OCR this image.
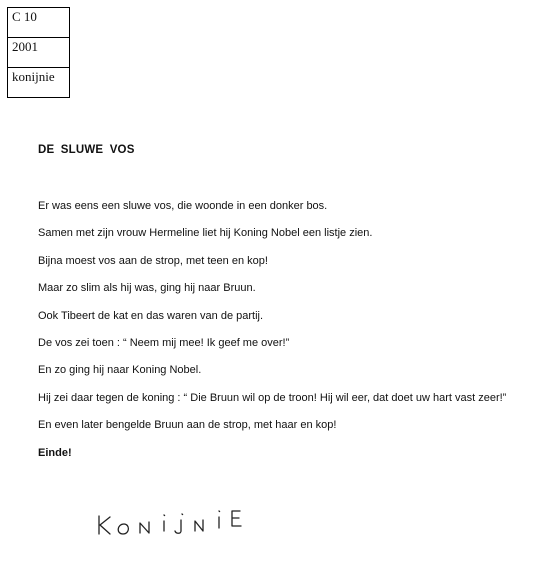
C 10
2001
konijnie
DE SLUWE VOS
Er was eens een sluwe vos, die woonde in een donker bos.
Samen met zijn vrouw Hermeline liet hij Koning Nobel een listje zien.
Bijna moest vos aan de strop, met teen en kop!
Maar zo slim als hij was, ging hij naar Bruun.
Ook Tibeert de kat en das waren van de partij.
De vos zei toen : “ Neem mij mee! Ik geef me over!”
En zo ging hij naar Koning Nobel.
Hij zei daar tegen de koning : “ Die Bruun wil op de troon! Hij wil eer, dat doet uw hart vast zeer!”
En even later bengelde Bruun aan de strop, met haar en kop!
Einde!
